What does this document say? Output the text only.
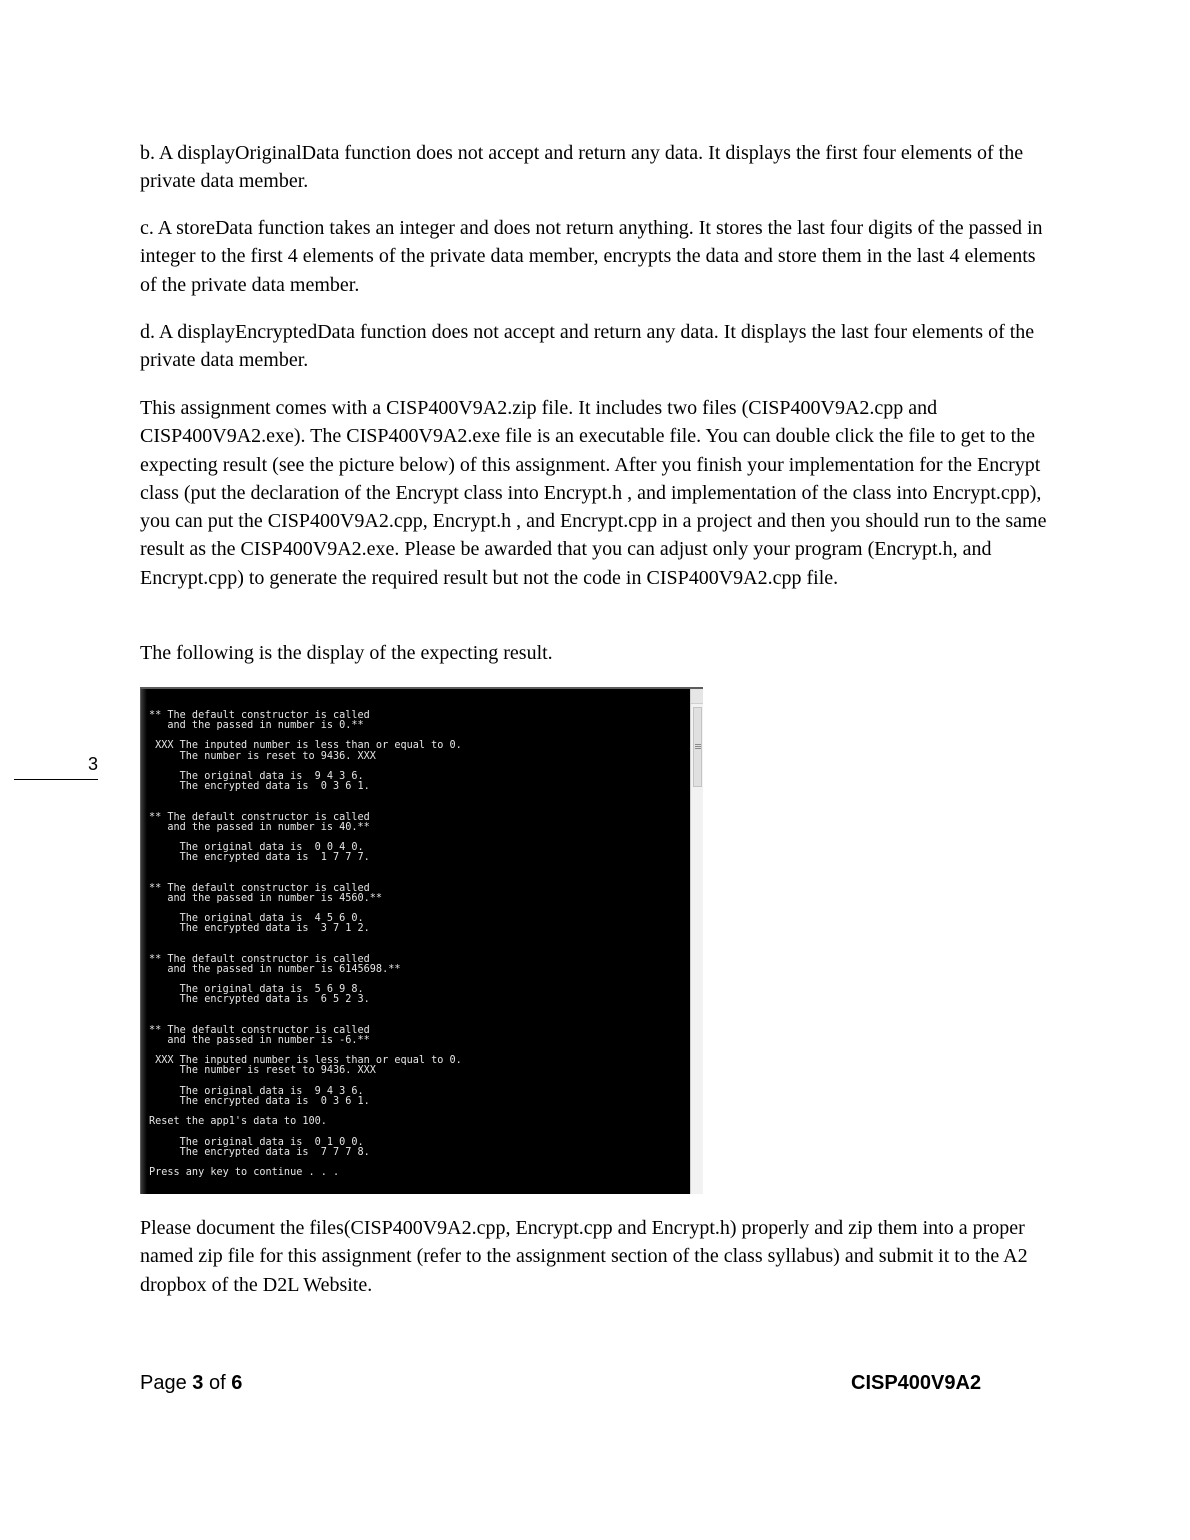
b. A displayOriginalData function does not accept and return any data. It displays the first four elements of the private data member.

c. A storeData function takes an integer and does not return anything. It stores the last four digits of the passed in integer to the first 4 elements of the private data member, encrypts the data and store them in the last 4 elements of the private data member.

d. A displayEncryptedData function does not accept and return any data. It displays the last four elements of the private data member.

This assignment comes with a CISP400V9A2.zip file. It includes two files (CISP400V9A2.cpp and CISP400V9A2.exe). The CISP400V9A2.exe file is an executable file. You can double click the file to get to the expecting result (see the picture below) of this assignment. After you finish your implementation for the Encrypt class (put the declaration of the Encrypt class into Encrypt.h , and implementation of the class into Encrypt.cpp), you can put the CISP400V9A2.cpp, Encrypt.h , and Encrypt.cpp in a project and then you should run to the same result as the CISP400V9A2.exe. Please be awarded that you can adjust only your program (Encrypt.h, and Encrypt.cpp) to generate the required result but not the code in CISP400V9A2.cpp file.

The following is the display of the expecting result.

3
** The default constructor is called
and the passed in number is 0.**

XXX The inputed number is less than or equal to 0.
The number is reset to 9436. XXX

The original data is  9 4 3 6.
The encrypted data is  0 3 6 1.

** The default constructor is called
and the passed in number is 40.**

The original data is  0 0 4 0.
The encrypted data is  1 7 7 7.

** The default constructor is called
and the passed in number is 4560.**

The original data is  4 5 6 0.
The encrypted data is  3 7 1 2.

** The default constructor is called
and the passed in number is 6145698.**

The original data is  5 6 9 8.
The encrypted data is  6 5 2 3.

** The default constructor is called
and the passed in number is -6.**

XXX The inputed number is less than or equal to 0.
The number is reset to 9436. XXX

The original data is  9 4 3 6.
The encrypted data is  0 3 6 1.

Reset the app1's data to 100.

The original data is  0 1 0 0.
The encrypted data is  7 7 7 8.

Press any key to continue . . .

Please document the files(CISP400V9A2.cpp, Encrypt.cpp and Encrypt.h) properly and zip them into a proper named zip file for this assignment (refer to the assignment section of the class syllabus) and submit it to the A2 dropbox of the D2L Website.

Page 3 of 6	CISP400V9A2
